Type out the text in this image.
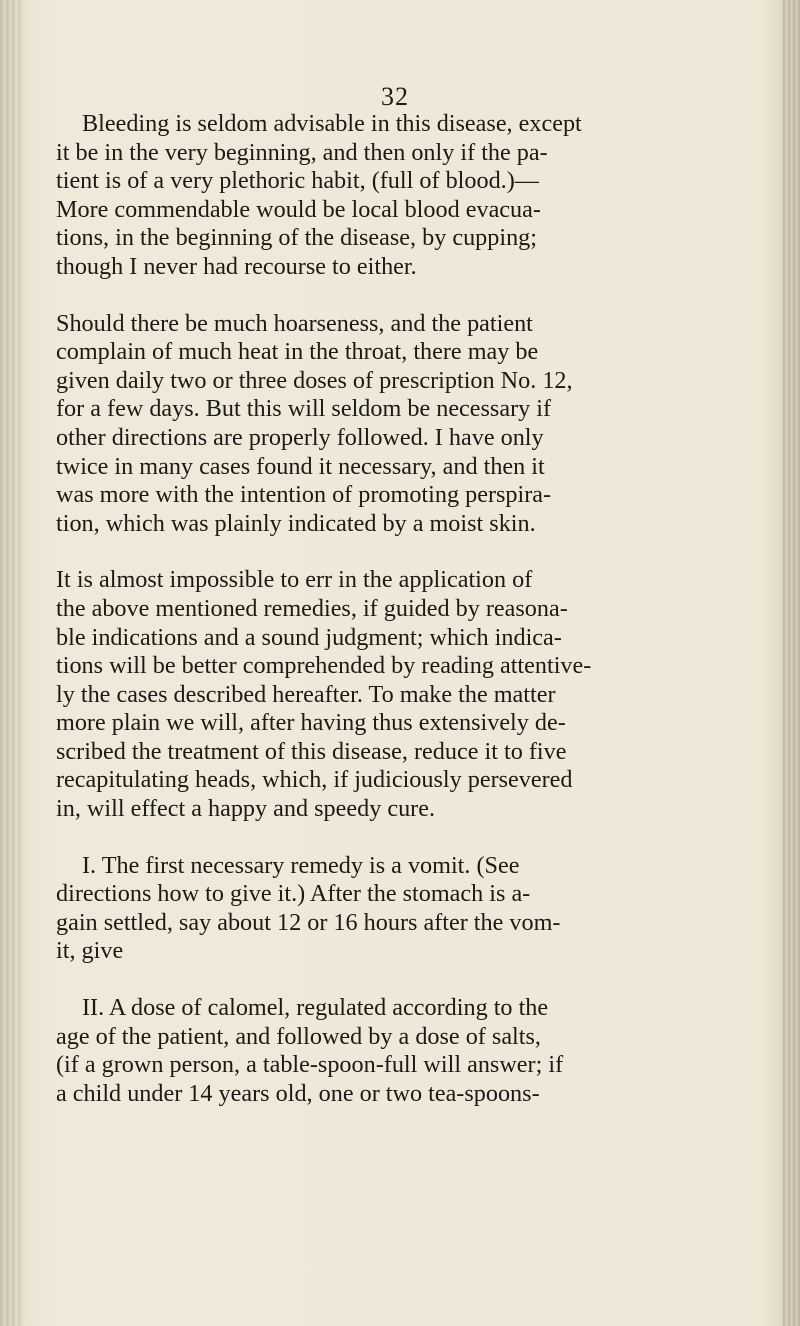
32

Bleeding is seldom advisable in this disease, except
it be in the very beginning, and then only if the pa-
tient is of a very plethoric habit, (full of blood.)—
More commendable would be local blood evacua-
tions, in the beginning of the disease, by cupping;
though I never had recourse to either.

Should there be much hoarseness, and the patient
complain of much heat in the throat, there may be
given daily two or three doses of prescription No. 12,
for a few days. But this will seldom be necessary if
other directions are properly followed. I have only
twice in many cases found it necessary, and then it
was more with the intention of promoting perspira-
tion, which was plainly indicated by a moist skin.

It is almost impossible to err in the application of
the above mentioned remedies, if guided by reasona-
ble indications and a sound judgment; which indica-
tions will be better comprehended by reading attentive-
ly the cases described hereafter. To make the matter
more plain we will, after having thus extensively de-
scribed the treatment of this disease, reduce it to five
recapitulating heads, which, if judiciously persevered
in, will effect a happy and speedy cure.

I. The first necessary remedy is a vomit. (See
directions how to give it.) After the stomach is a-
gain settled, say about 12 or 16 hours after the vom-
it, give

II. A dose of calomel, regulated according to the
age of the patient, and followed by a dose of salts,
(if a grown person, a table-spoon-full will answer; if
a child under 14 years old, one or two tea-spoons-
